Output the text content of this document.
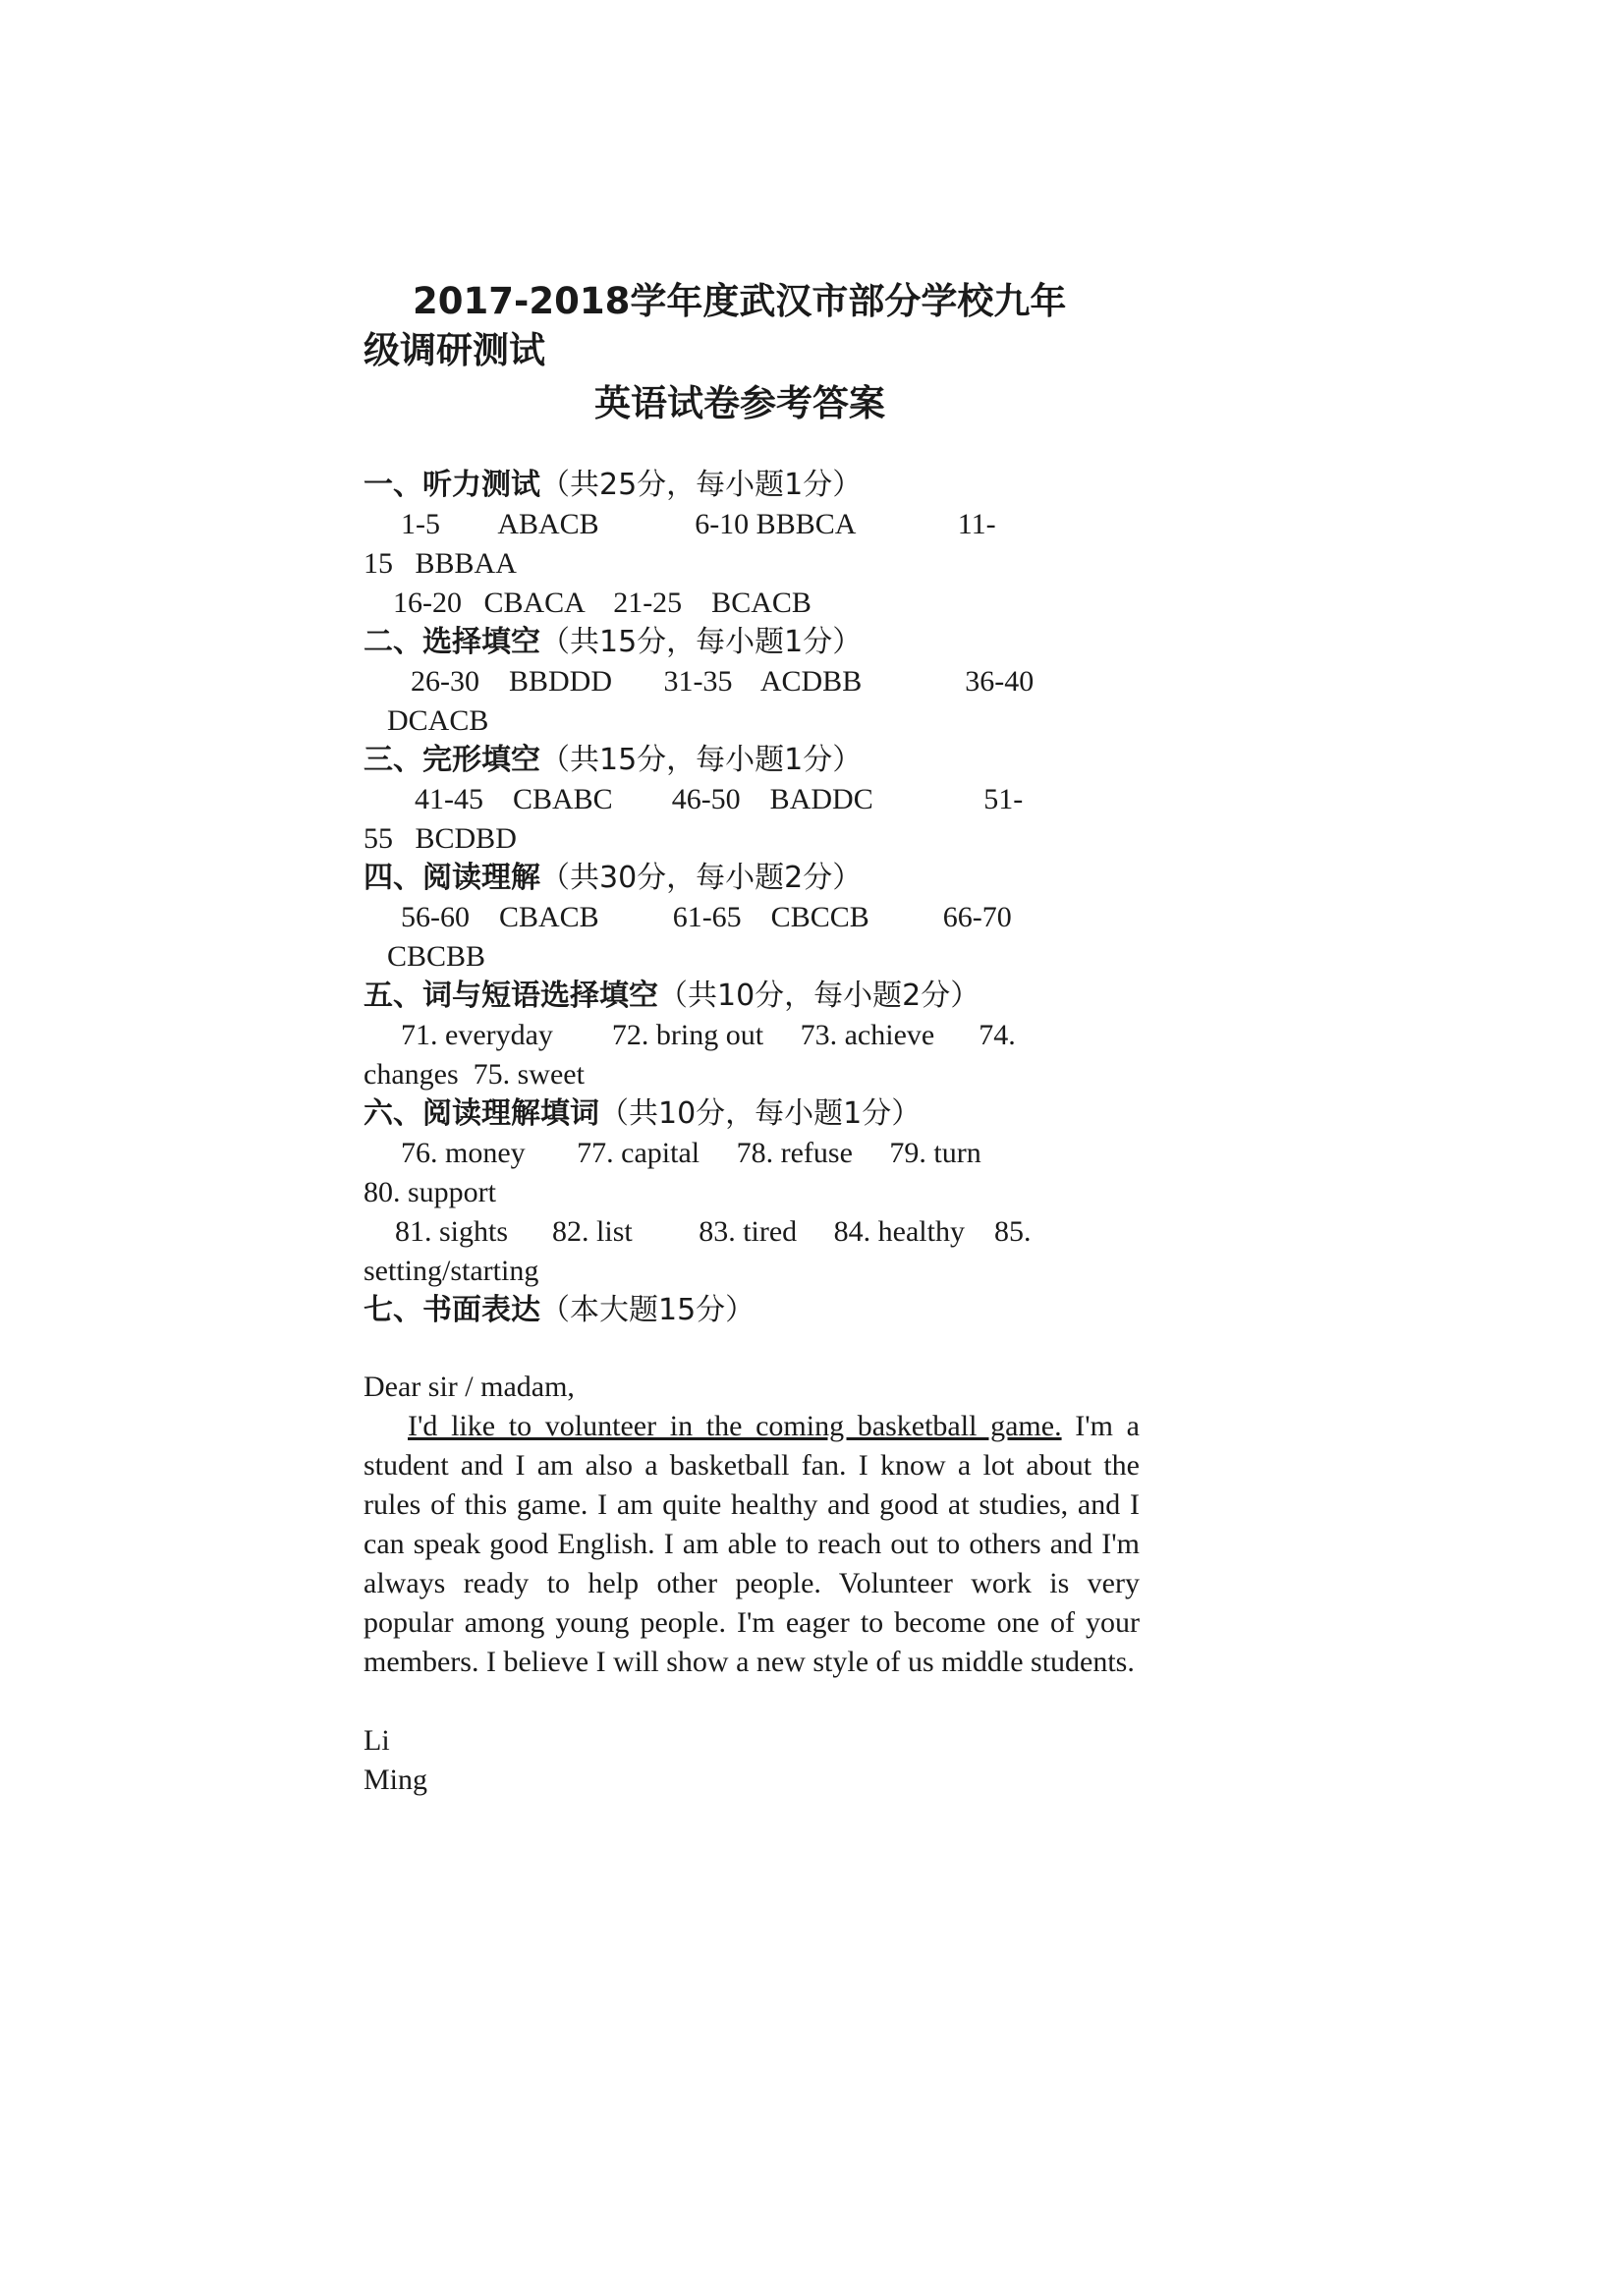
2017-2018学年度武汉市部分学校九年
级调研测试
英语试卷参考答案
一、听力测试（共25分，每小题1分）
1-5        ABACB             6-10 BBBCA              11-
15   BBBAA
16-20   CBACA    21-25    BCACB
二、选择填空（共15分，每小题1分）
26-30    BBDDD       31-35    ACDBB              36-40
DCACB
三、完形填空（共15分，每小题1分）
41-45    CBABC        46-50    BADDC               51-
55   BCDBD
四、阅读理解（共30分，每小题2分）
56-60    CBACB          61-65    CBCCB          66-70
CBCBB
五、词与短语选择填空（共10分，每小题2分）
71. everyday        72. bring out     73. achieve      74.
changes  75. sweet
六、阅读理解填词（共10分，每小题1分）
76. money       77. capital     78. refuse     79. turn
80. support
81. sights      82. list         83. tired     84. healthy    85.
setting/starting
七、书面表达（本大题15分）

Dear sir / madam,

I'd like to volunteer in the coming basketball game. I'm a student and I am also a basketball fan. I know a lot about the rules of this game. I am quite healthy and good at studies, and I can speak good English. I am able to reach out to others and I'm always ready to help other people. Volunteer work is very popular among young people. I'm eager to become one of your members. I believe I will show a new style of us middle students.

Li

Ming
